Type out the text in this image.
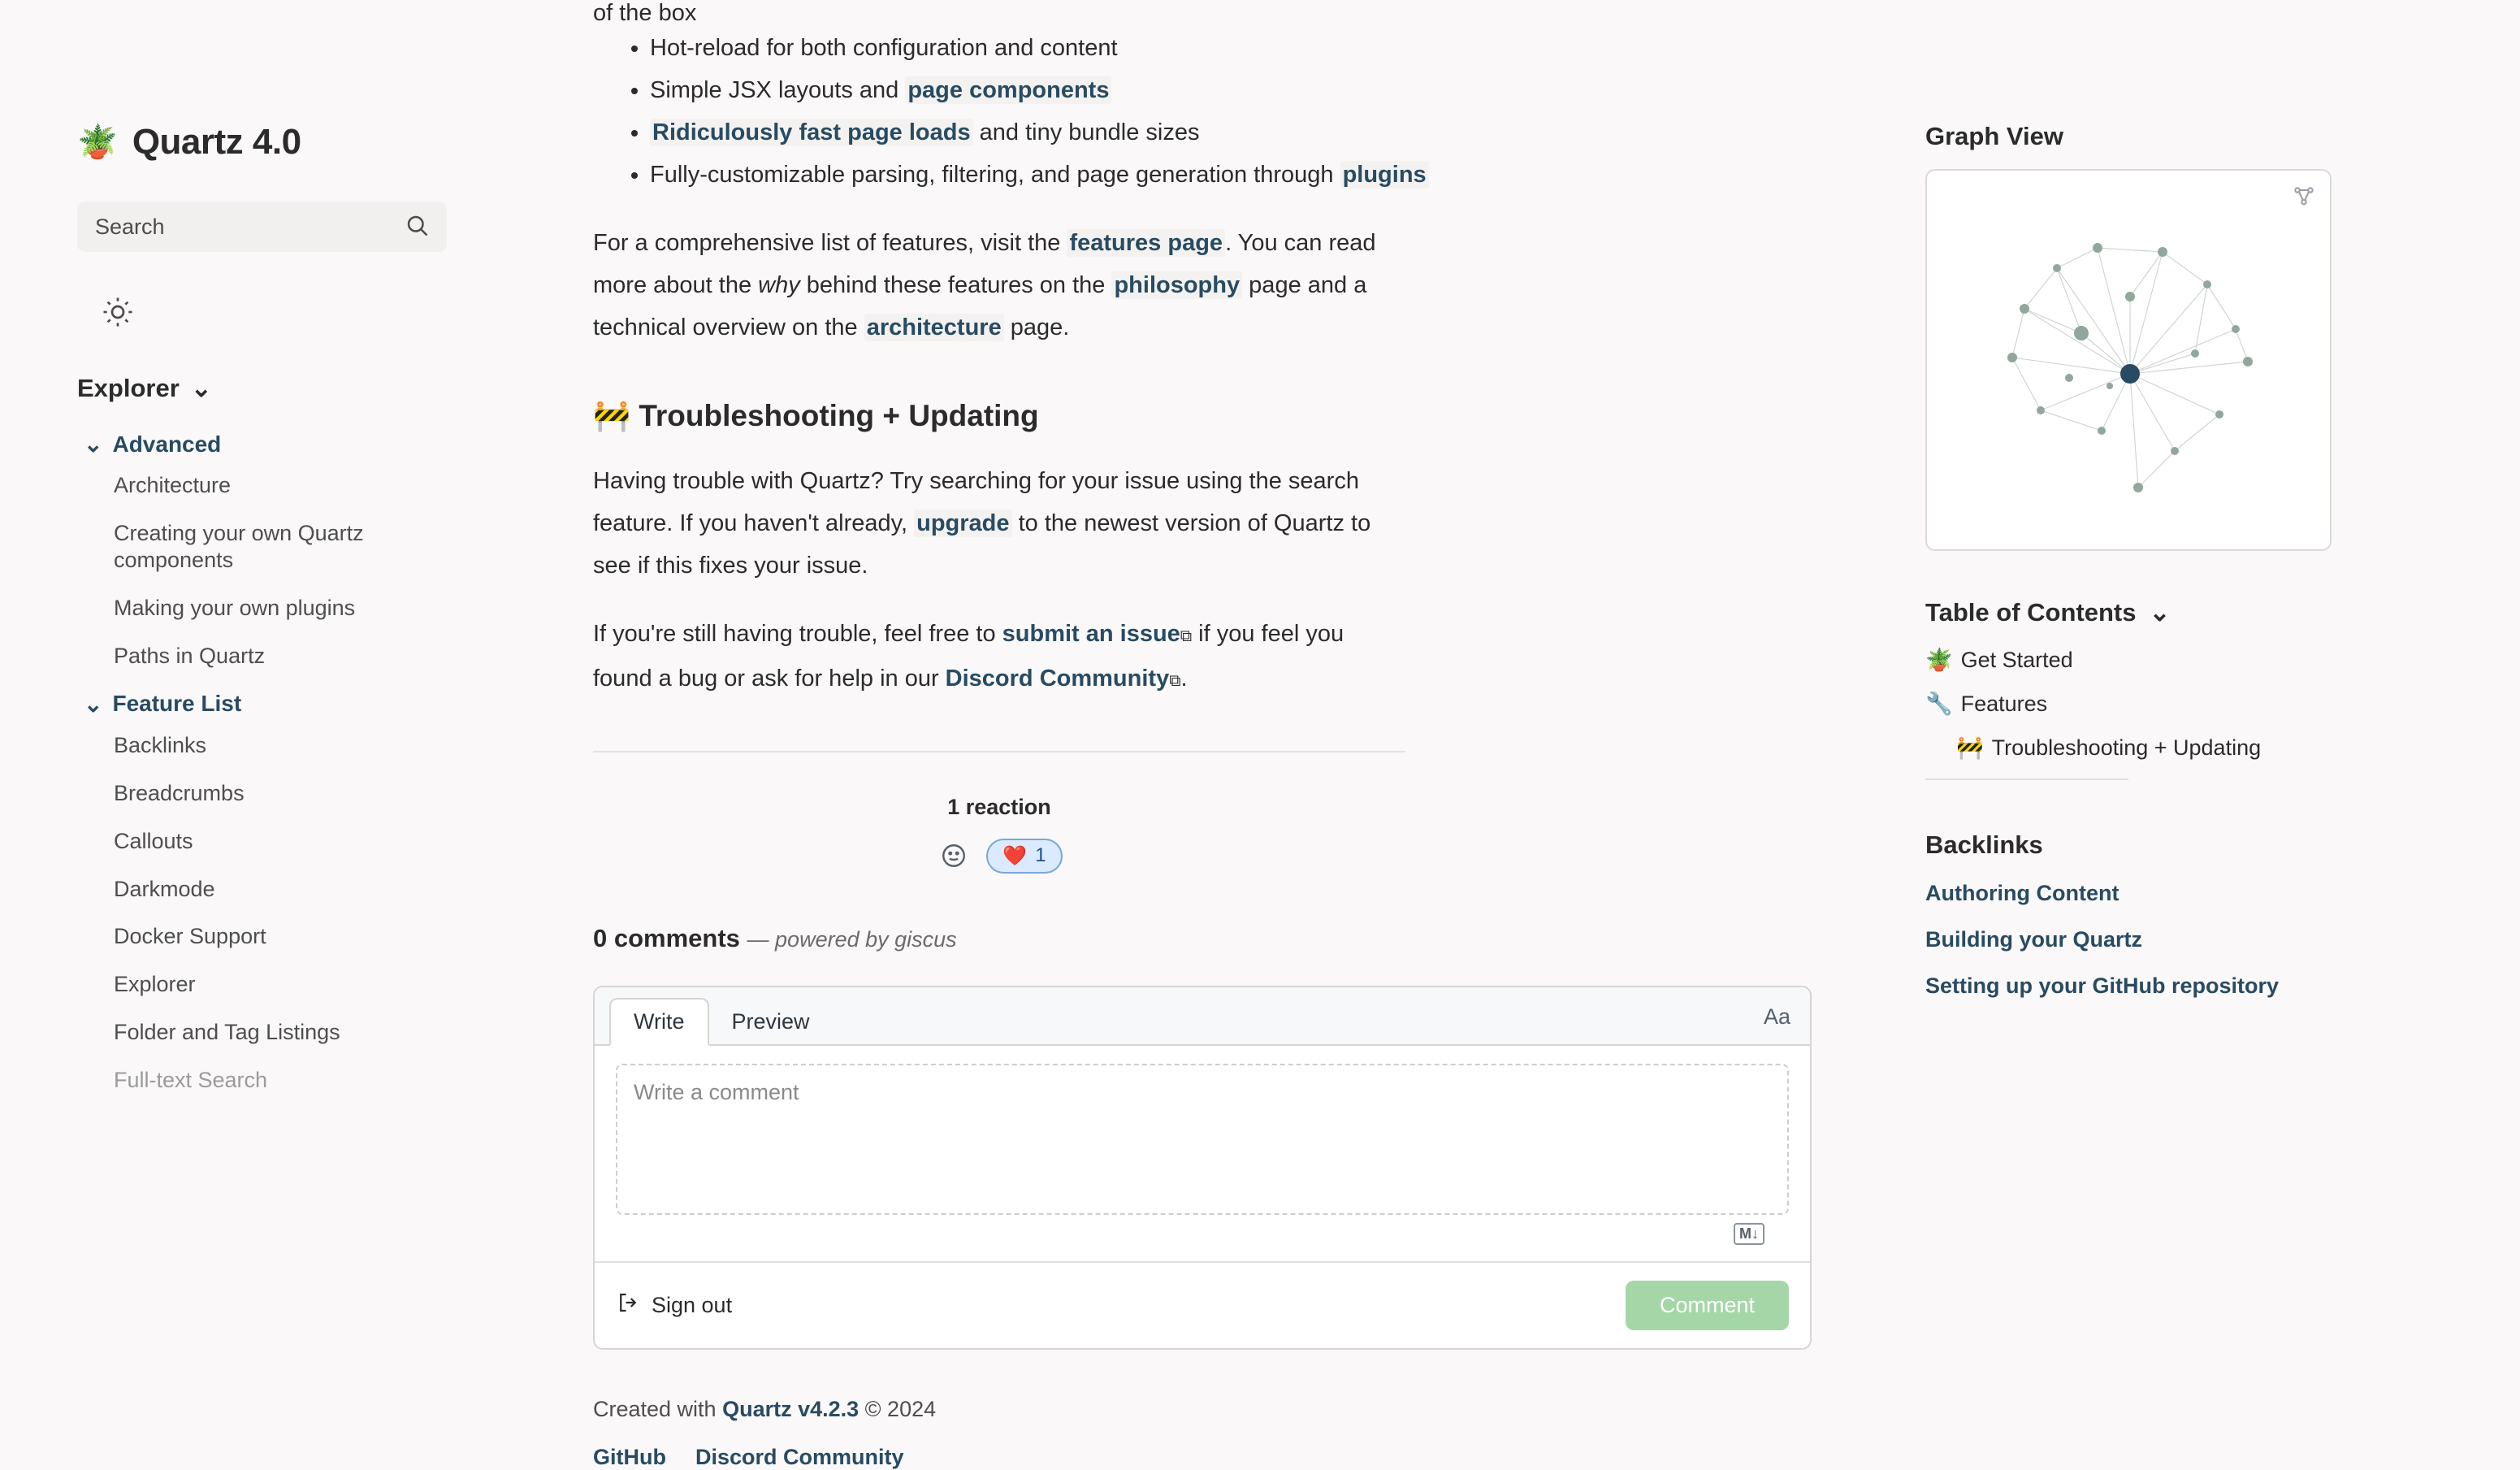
🪴 Quartz 4.0
Search
Explorer ⌄
⌄ Advanced
Architecture
Creating your own Quartz components
Making your own plugins
Paths in Quartz
⌄ Feature List
Backlinks
Breadcrumbs
Callouts
Darkmode
Docker Support
Explorer
Folder and Tag Listings
Full-text Search
of the box
• Hot-reload for both configuration and content
• Simple JSX layouts and page components
• Ridiculously fast page loads and tiny bundle sizes
• Fully-customizable parsing, filtering, and page generation through plugins

For a comprehensive list of features, visit the features page . You can read more about the why behind these features on the philosophy page and a technical overview on the architecture page.

🚧 Troubleshooting + Updating

Having trouble with Quartz? Try searching for your issue using the search feature. If you haven't already, upgrade to the newest version of Quartz to see if this fixes your issue.

If you're still having trouble, feel free to submit an issue⧉ if you feel you found a bug or ask for help in our Discord Community⧉.

1 reaction
❤️ 1
0 comments — powered by giscus
Write	Preview	Aa
Write a comment
M↓
Sign out	Comment
Created with Quartz v4.2.3 © 2024
GitHub Discord Community
Graph View
Table of Contents ⌄
🪴 Get Started
🔧 Features
🚧 Troubleshooting + Updating
Backlinks
Authoring Content
Building your Quartz
Setting up your GitHub repository
